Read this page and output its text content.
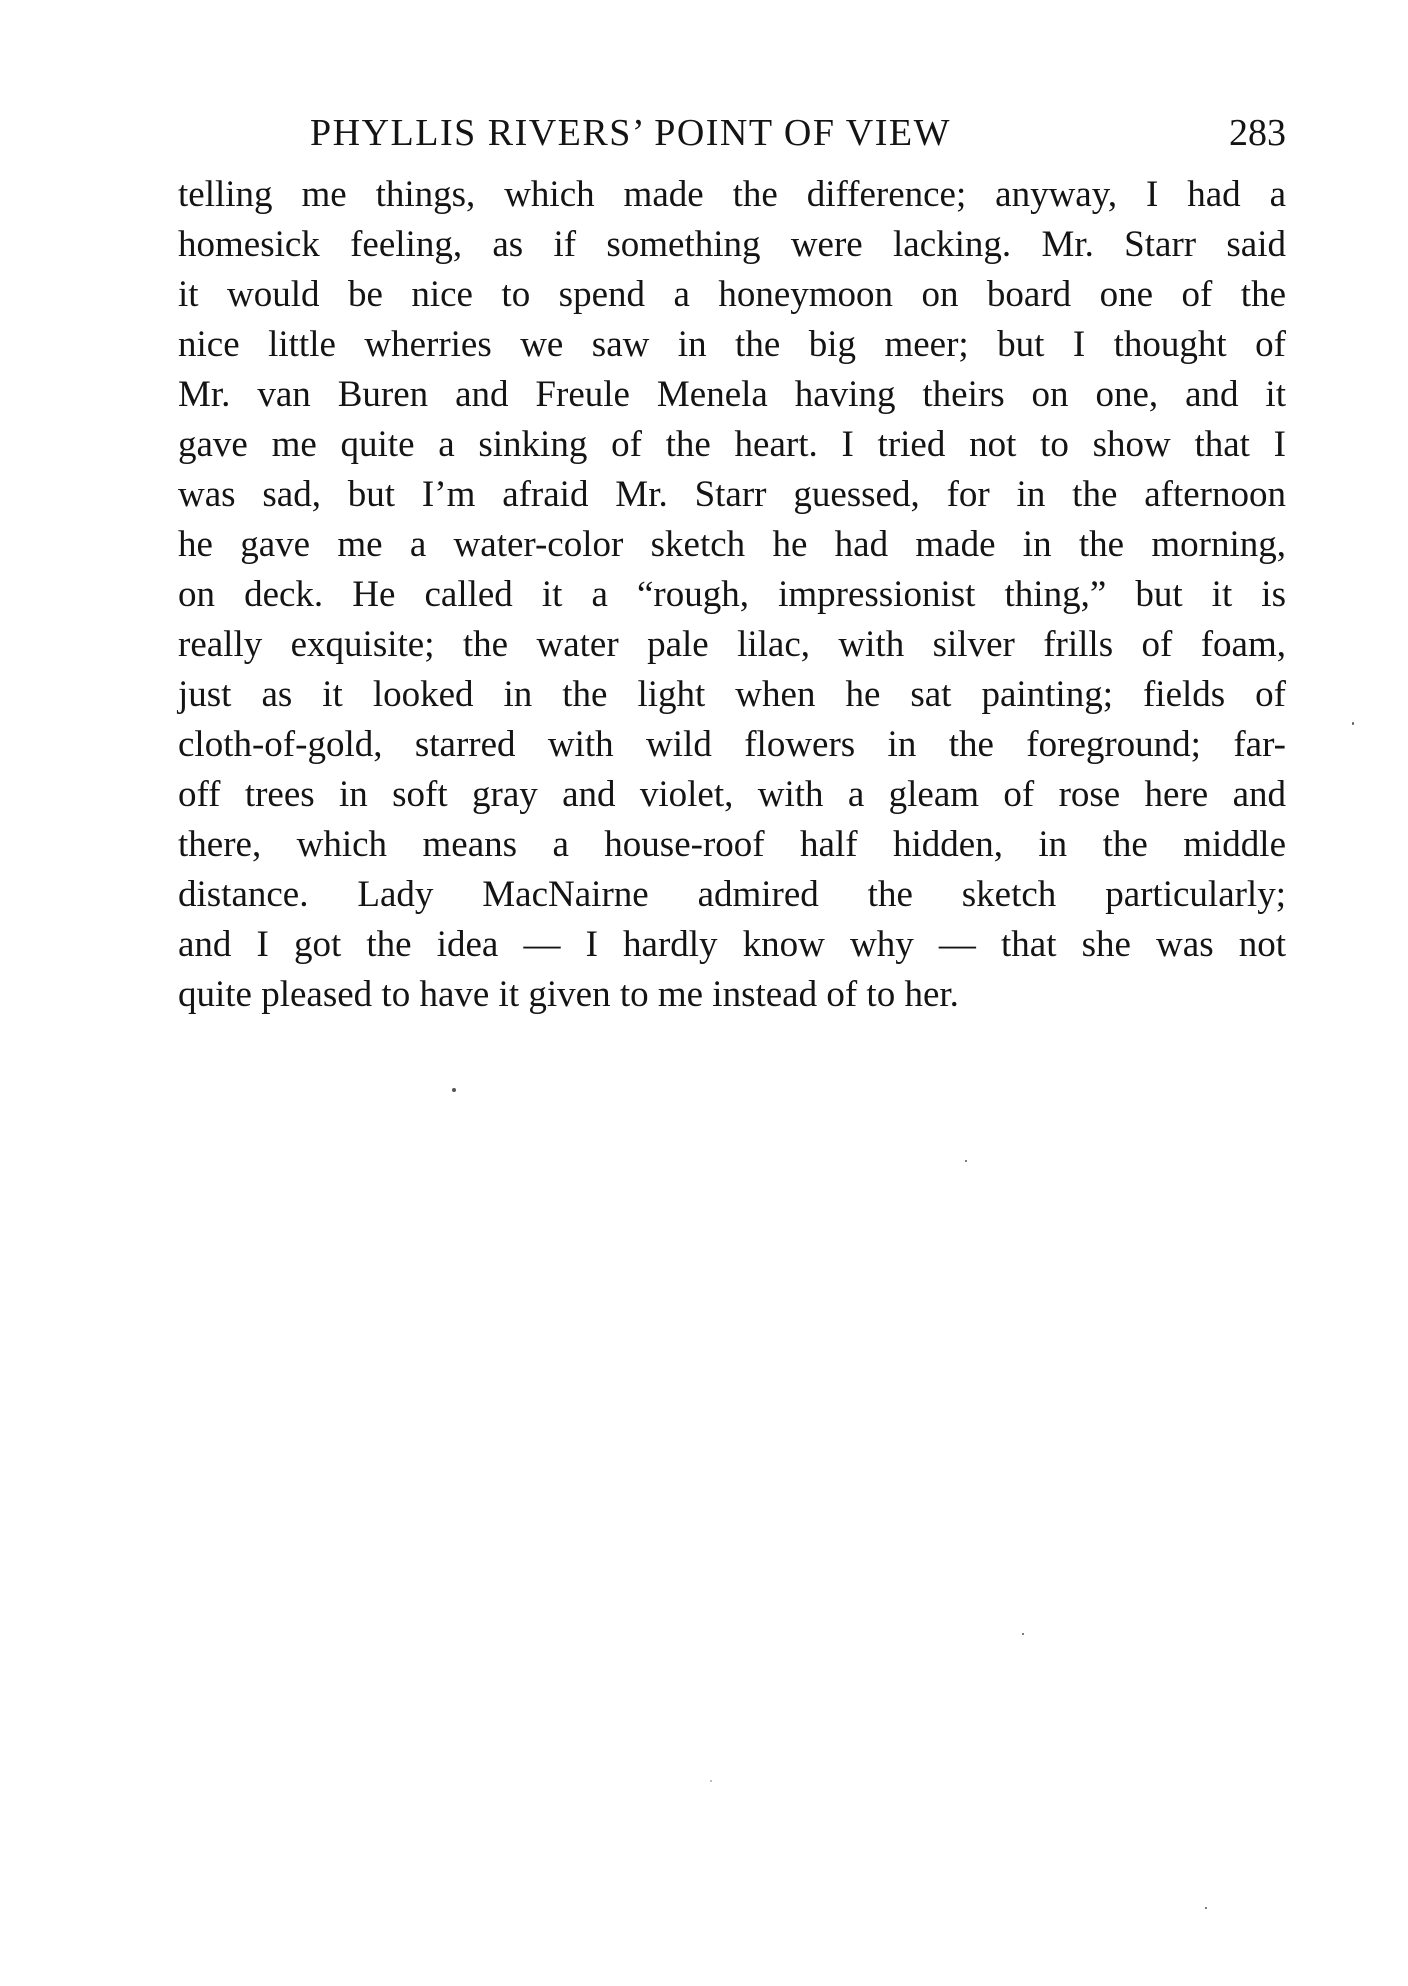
PHYLLIS RIVERS’ POINT OF VIEW	283
telling me things, which made the difference; anyway, I had a
homesick feeling, as if something were lacking. Mr. Starr said
it would be nice to spend a honeymoon on board one of the
nice little wherries we saw in the big meer; but I thought of
Mr. van Buren and Freule Menela having theirs on one, and it
gave me quite a sinking of the heart. I tried not to show that I
was sad, but I’m afraid Mr. Starr guessed, for in the afternoon
he gave me a water-color sketch he had made in the morning,
on deck. He called it a “rough, impressionist thing,” but it is
really exquisite; the water pale lilac, with silver frills of foam,
just as it looked in the light when he sat painting; fields of
cloth-of-gold, starred with wild flowers in the foreground; far-
off trees in soft gray and violet, with a gleam of rose here and
there, which means a house-roof half hidden, in the middle
distance. Lady MacNairne admired the sketch particularly;
and I got the idea — I hardly know why — that she was not
quite pleased to have it given to me instead of to her.
